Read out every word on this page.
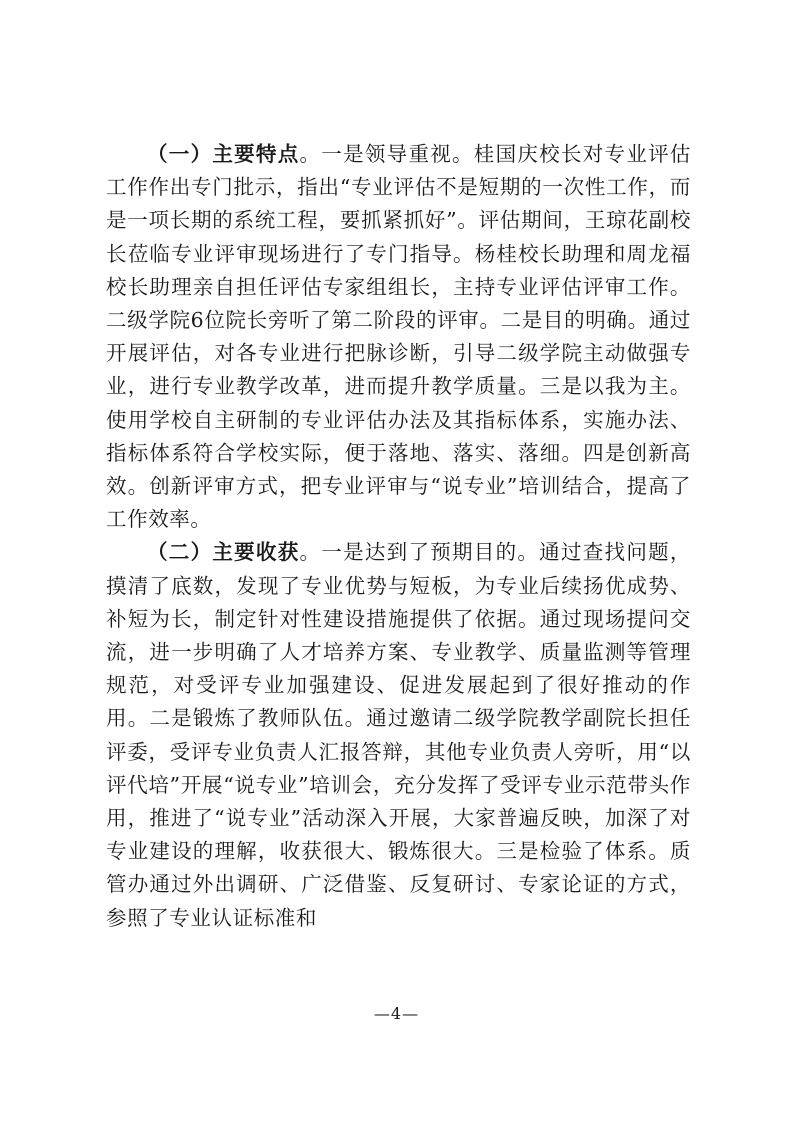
（一）主要特点。一是领导重视。桂国庆校长对专业评估工作作出专门批示，指出“专业评估不是短期的一次性工作，而是一项长期的系统工程，要抓紧抓好”。评估期间，王琼花副校长莅临专业评审现场进行了专门指导。杨桂校长助理和周龙福校长助理亲自担任评估专家组组长，主持专业评估评审工作。二级学院6位院长旁听了第二阶段的评审。二是目的明确。通过开展评估，对各专业进行把脉诊断，引导二级学院主动做强专业，进行专业教学改革，进而提升教学质量。三是以我为主。使用学校自主研制的专业评估办法及其指标体系，实施办法、指标体系符合学校实际，便于落地、落实、落细。四是创新高效。创新评审方式，把专业评审与“说专业”培训结合，提高了工作效率。

（二）主要收获。一是达到了预期目的。通过查找问题，摸清了底数，发现了专业优势与短板，为专业后续扬优成势、补短为长，制定针对性建设措施提供了依据。通过现场提问交流，进一步明确了人才培养方案、专业教学、质量监测等管理规范，对受评专业加强建设、促进发展起到了很好推动的作用。二是锻炼了教师队伍。通过邀请二级学院教学副院长担任评委，受评专业负责人汇报答辩，其他专业负责人旁听，用“以评代培”开展“说专业”培训会，充分发挥了受评专业示范带头作用，推进了“说专业”活动深入开展，大家普遍反映，加深了对专业建设的理解，收获很大、锻炼很大。三是检验了体系。质管办通过外出调研、广泛借鉴、反复研讨、专家论证的方式，参照了专业认证标准和

—4—
